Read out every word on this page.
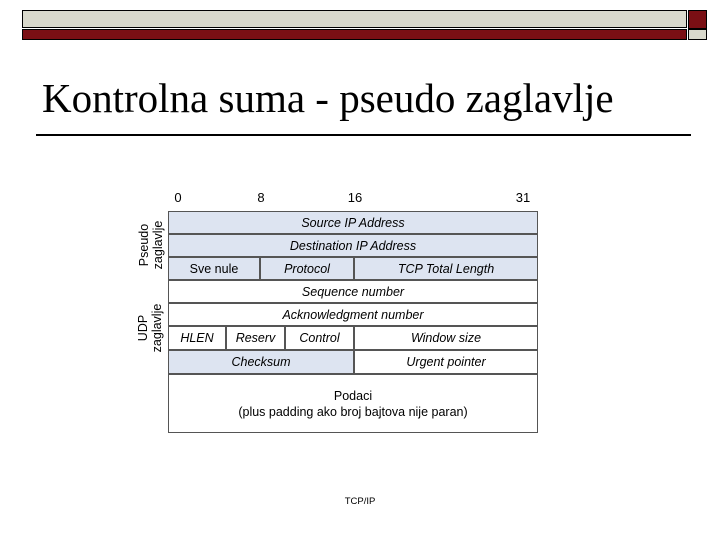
Kontrolna suma - pseudo zaglavlje
0	8	16	31
Pseudo zaglavlje
UDP zaglavlje
Source IP Address
Destination IP Address
Sve nule	Protocol	TCP Total Length
Sequence number
Acknowledgment number
HLEN	Reserv	Control	Window size
Checksum	Urgent pointer
Podaci
(plus padding ako broj bajtova nije paran)
TCP/IP
